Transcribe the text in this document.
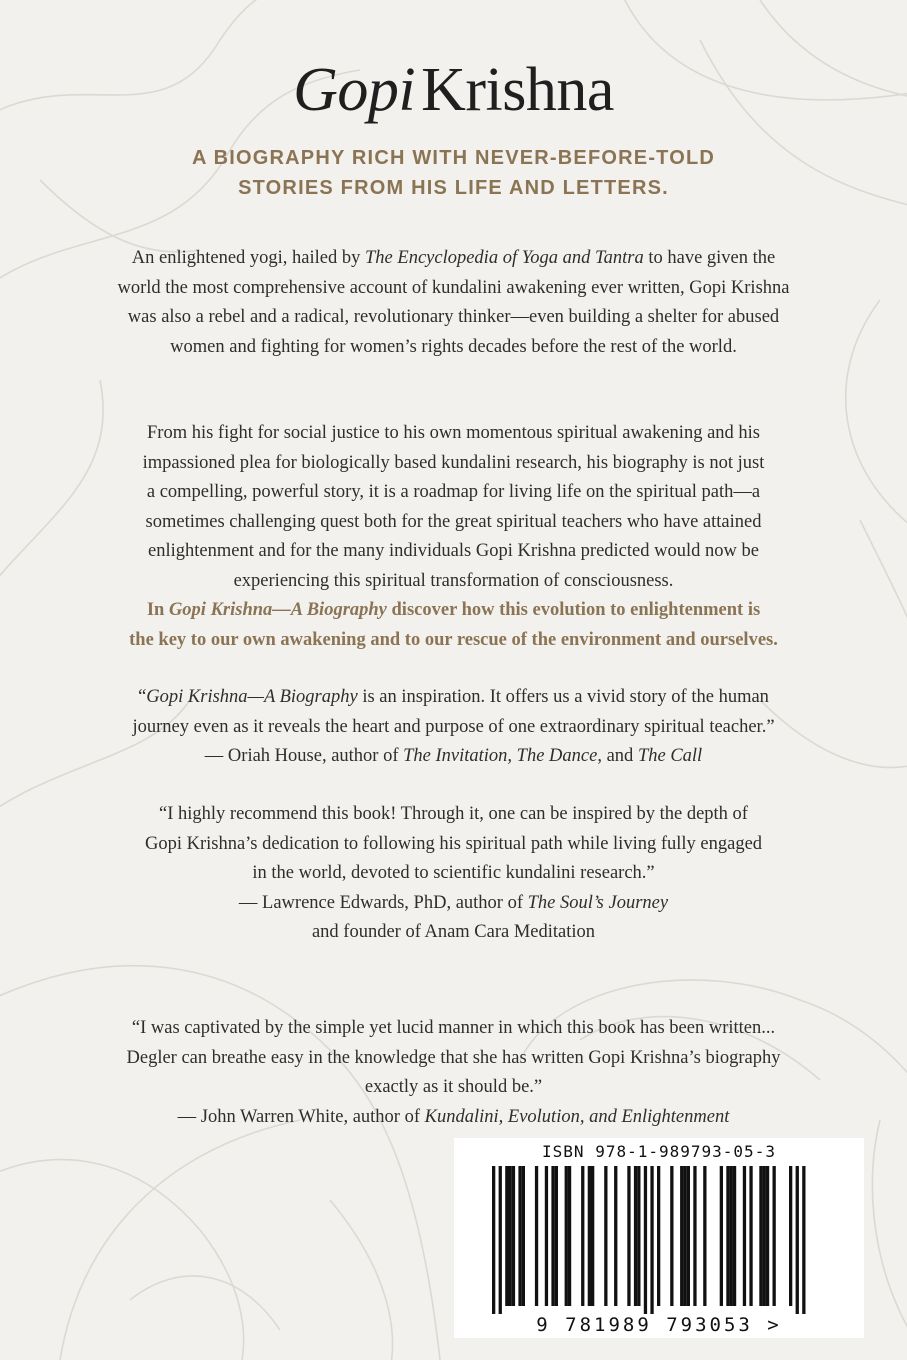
GopiKrishna
A BIOGRAPHY RICH WITH NEVER-BEFORE-TOLD
STORIES FROM HIS LIFE AND LETTERS.
An enlightened yogi, hailed by The Encyclopedia of Yoga and Tantra to have given the
world the most comprehensive account of kundalini awakening ever written, Gopi Krishna
was also a rebel and a radical, revolutionary thinker—even building a shelter for abused
women and fighting for women’s rights decades before the rest of the world.
From his fight for social justice to his own momentous spiritual awakening and his
impassioned plea for biologically based kundalini research, his biography is not just
a compelling, powerful story, it is a roadmap for living life on the spiritual path—a
sometimes challenging quest both for the great spiritual teachers who have attained
enlightenment and for the many individuals Gopi Krishna predicted would now be
experiencing this spiritual transformation of consciousness.
In Gopi Krishna—A Biography discover how this evolution to enlightenment is
the key to our own awakening and to our rescue of the environment and ourselves.
“Gopi Krishna—A Biography is an inspiration. It offers us a vivid story of the human
journey even as it reveals the heart and purpose of one extraordinary spiritual teacher.”
— Oriah House, author of The Invitation, The Dance, and The Call
“I highly recommend this book! Through it, one can be inspired by the depth of
Gopi Krishna’s dedication to following his spiritual path while living fully engaged
in the world, devoted to scientific kundalini research.”
— Lawrence Edwards, PhD, author of The Soul’s Journey
and founder of Anam Cara Meditation
“I was captivated by the simple yet lucid manner in which this book has been written...
Degler can breathe easy in the knowledge that she has written Gopi Krishna’s biography
exactly as it should be.”
— John Warren White, author of Kundalini, Evolution, and Enlightenment
ISBN 978-1-989793-05-3
9 781989 793053 >
